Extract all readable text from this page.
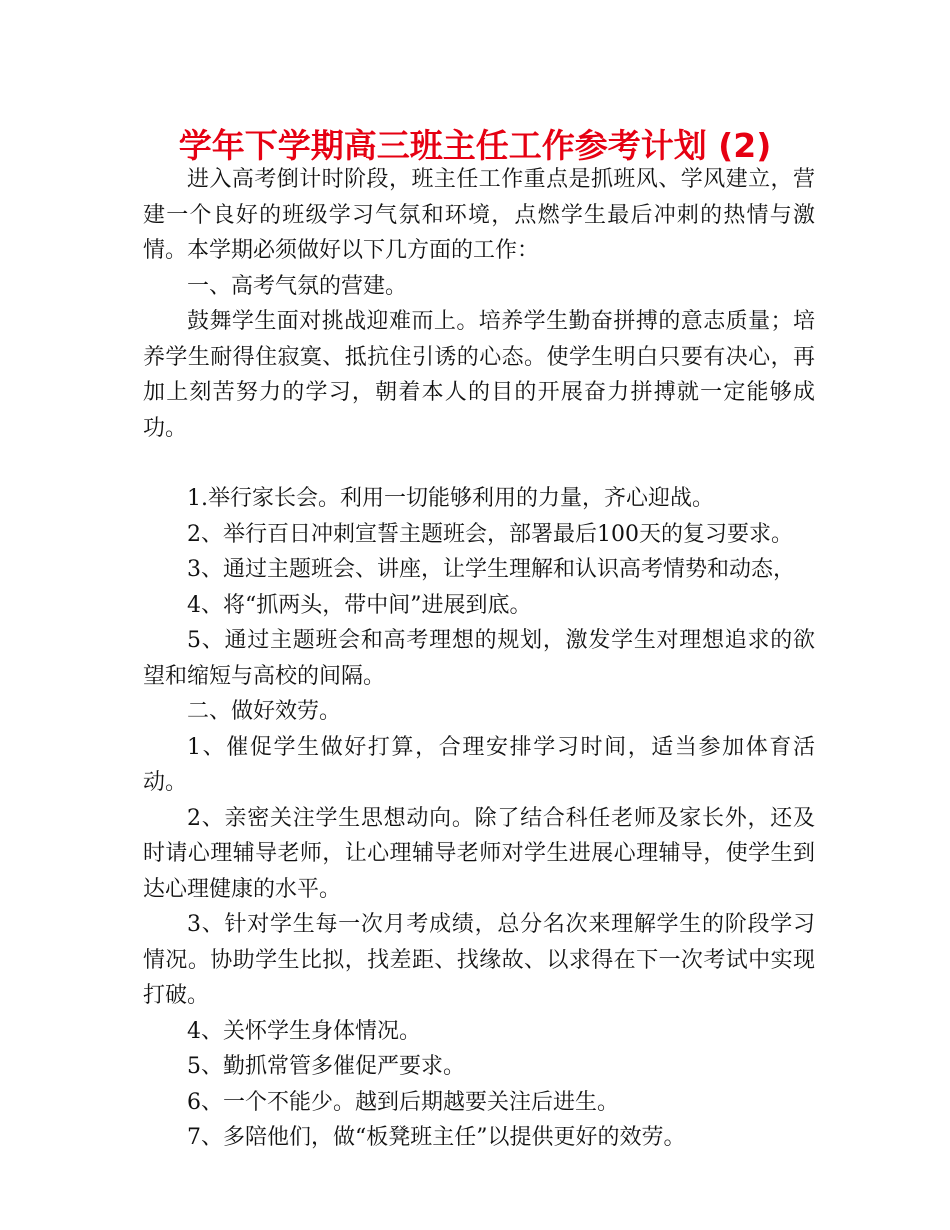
学年下学期高三班主任工作参考计划 (2)

进入高考倒计时阶段，班主任工作重点是抓班风、学风建立，营建一个良好的班级学习气氛和环境，点燃学生最后冲刺的热情与激情。本学期必须做好以下几方面的工作：

一、高考气氛的营建。

鼓舞学生面对挑战迎难而上。培养学生勤奋拼搏的意志质量；培养学生耐得住寂寞、抵抗住引诱的心态。使学生明白只要有决心，再加上刻苦努力的学习，朝着本人的目的开展奋力拼搏就一定能够成功。

1.举行家长会。利用一切能够利用的力量，齐心迎战。

2、举行百日冲刺宣誓主题班会，部署最后100天的复习要求。

3、通过主题班会、讲座，让学生理解和认识高考情势和动态，

4、将“抓两头，带中间”进展到底。

5、通过主题班会和高考理想的规划，激发学生对理想追求的欲望和缩短与高校的间隔。

二、做好效劳。

1、催促学生做好打算，合理安排学习时间，适当参加体育活动。

2、亲密关注学生思想动向。除了结合科任老师及家长外，还及时请心理辅导老师，让心理辅导老师对学生进展心理辅导，使学生到达心理健康的水平。

3、针对学生每一次月考成绩，总分名次来理解学生的阶段学习情况。协助学生比拟，找差距、找缘故、以求得在下一次考试中实现打破。

4、关怀学生身体情况。

5、勤抓常管多催促严要求。

6、一个不能少。越到后期越要关注后进生。

7、多陪他们，做“板凳班主任”以提供更好的效劳。
